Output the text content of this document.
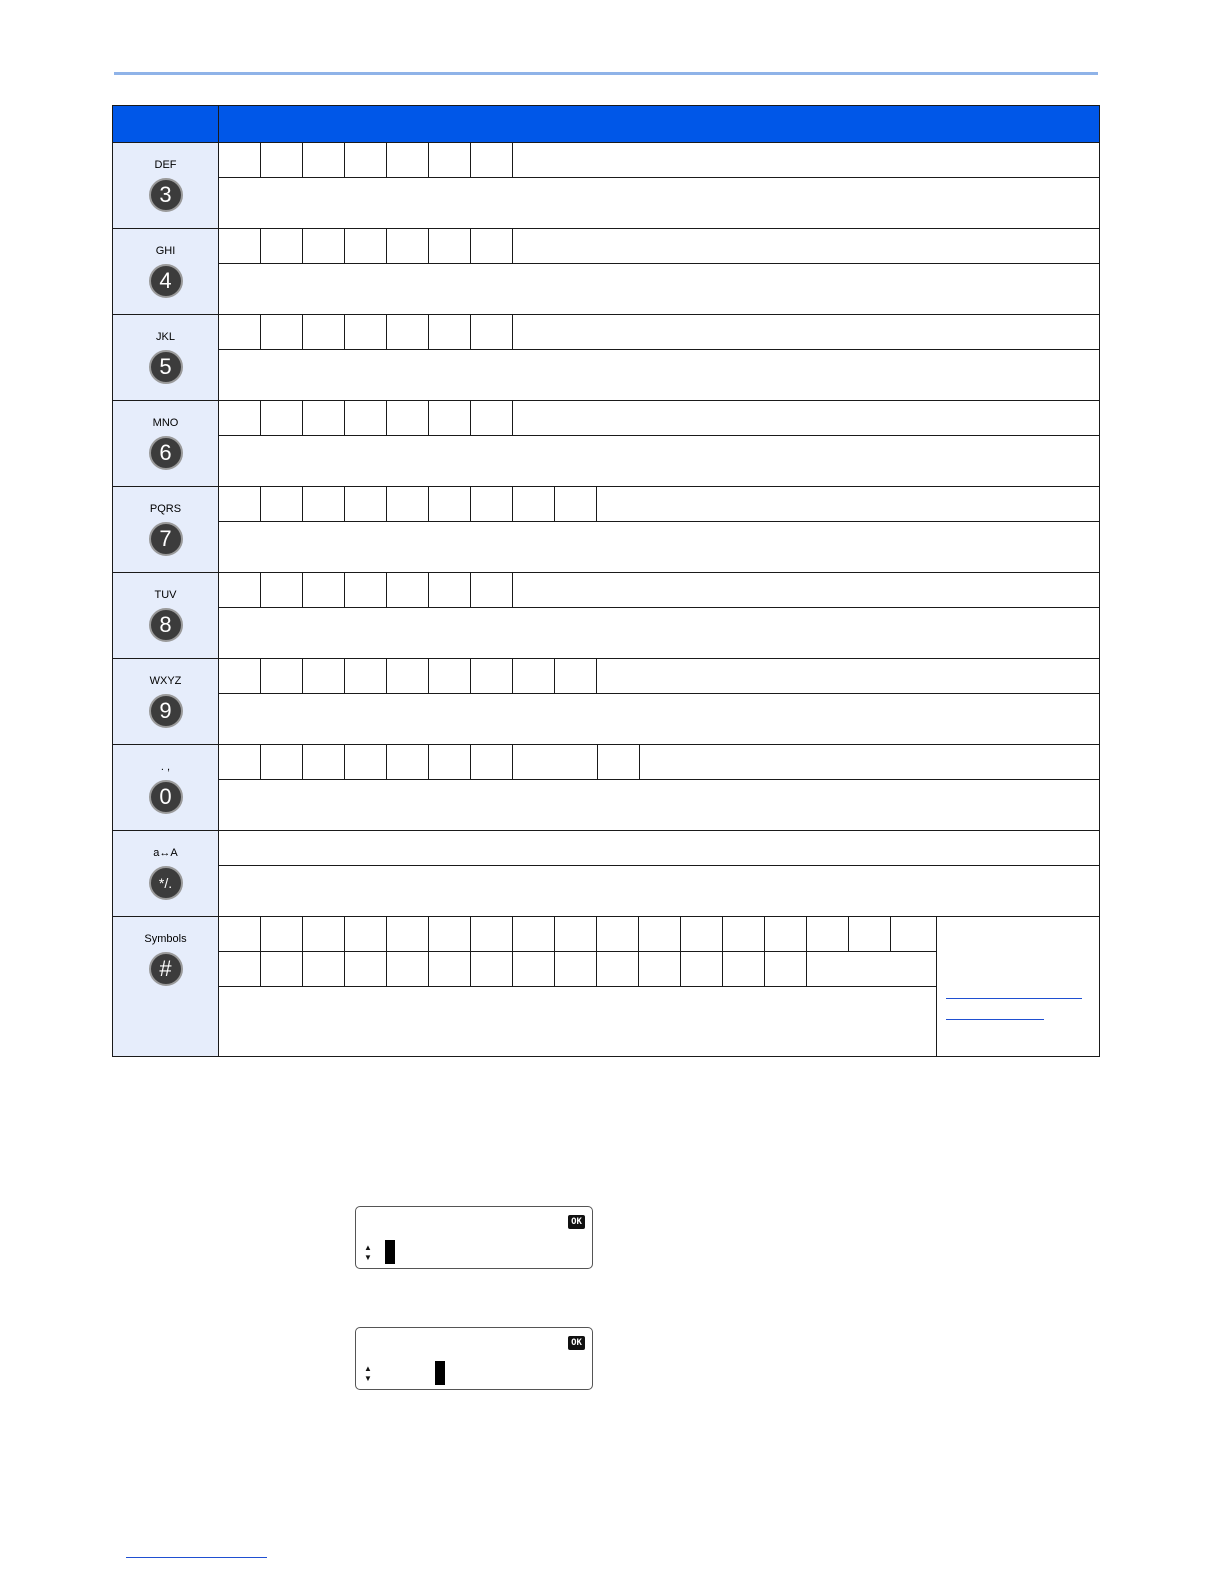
DEF
3
GHI
4
JKL
5
MNO
6
PQRS
7
TUV
8
WXYZ
9
. ,
0
a↔A
*/.
Symbols
#
OK
▲
▼
OK
▲
▼
